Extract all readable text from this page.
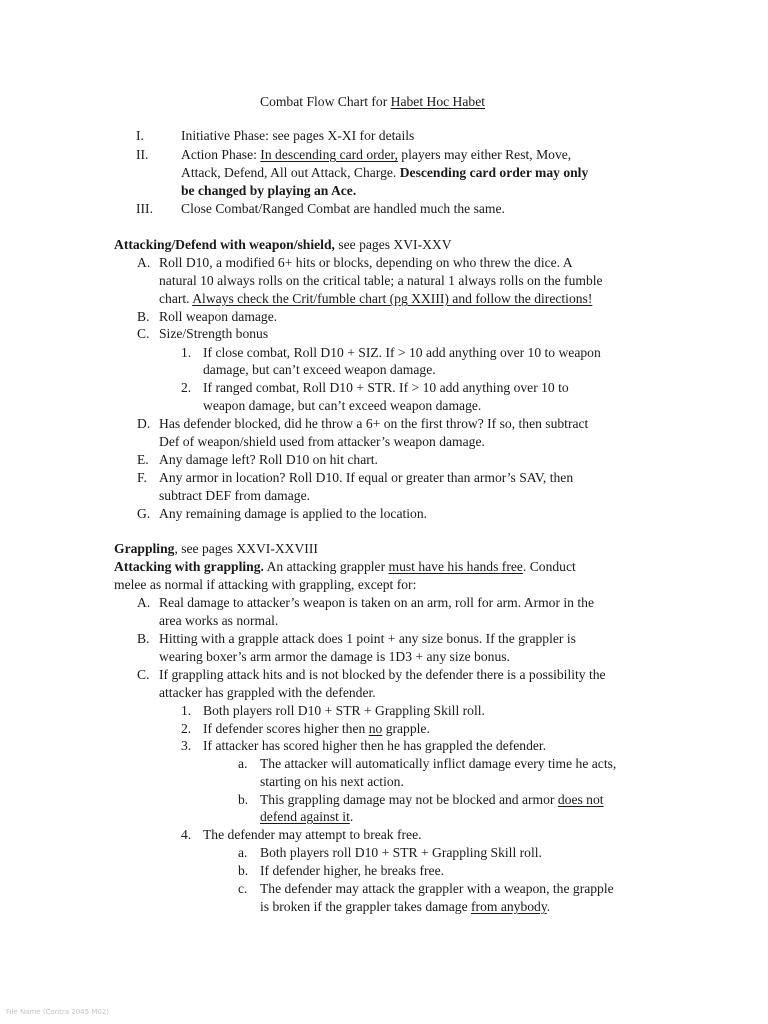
Combat Flow Chart for Habet Hoc Habet
I.	Initiative Phase: see pages X-XI for details
II. Action Phase: In descending card order, players may either Rest, Move,
Attack, Defend, All out Attack, Charge. Descending card order may only
be changed by playing an Ace.
III. Close Combat/Ranged Combat are handled much the same.
Attacking/Defend with weapon/shield, see pages XVI-XXV
A. Roll D10, a modified 6+ hits or blocks, depending on who threw the dice. A
natural 10 always rolls on the critical table; a natural 1 always rolls on the fumble
chart. Always check the Crit/fumble chart (pg XXIII) and follow the directions!
B. Roll weapon damage.
C. Size/Strength bonus
1. If close combat, Roll D10 + SIZ. If > 10 add anything over 10 to weapon
damage, but can’t exceed weapon damage.
2. If ranged combat, Roll D10 + STR. If > 10 add anything over 10 to
weapon damage, but can’t exceed weapon damage.
D. Has defender blocked, did he throw a 6+ on the first throw? If so, then subtract
Def of weapon/shield used from attacker’s weapon damage.
E. Any damage left? Roll D10 on hit chart.
F. Any armor in location? Roll D10. If equal or greater than armor’s SAV, then
subtract DEF from damage.
G. Any remaining damage is applied to the location.
Grappling, see pages XXVI-XXVIII
Attacking with grappling. An attacking grappler must have his hands free. Conduct
melee as normal if attacking with grappling, except for:
A. Real damage to attacker’s weapon is taken on an arm, roll for arm. Armor in the
area works as normal.
B. Hitting with a grapple attack does 1 point + any size bonus. If the grappler is
wearing boxer’s arm armor the damage is 1D3 + any size bonus.
C. If grappling attack hits and is not blocked by the defender there is a possibility the
attacker has grappled with the defender.
1. Both players roll D10 + STR + Grappling Skill roll.
2. If defender scores higher then no grapple.
3. If attacker has scored higher then he has grappled the defender.
a. The attacker will automatically inflict damage every time he acts,
starting on his next action.
b. This grappling damage may not be blocked and armor does not
defend against it.
4. The defender may attempt to break free.
a. Both players roll D10 + STR + Grappling Skill roll.
b. If defender higher, he breaks free.
c. The defender may attack the grappler with a weapon, the grapple
is broken if the grappler takes damage from anybody.
File Name (Contra 2045 M02)
